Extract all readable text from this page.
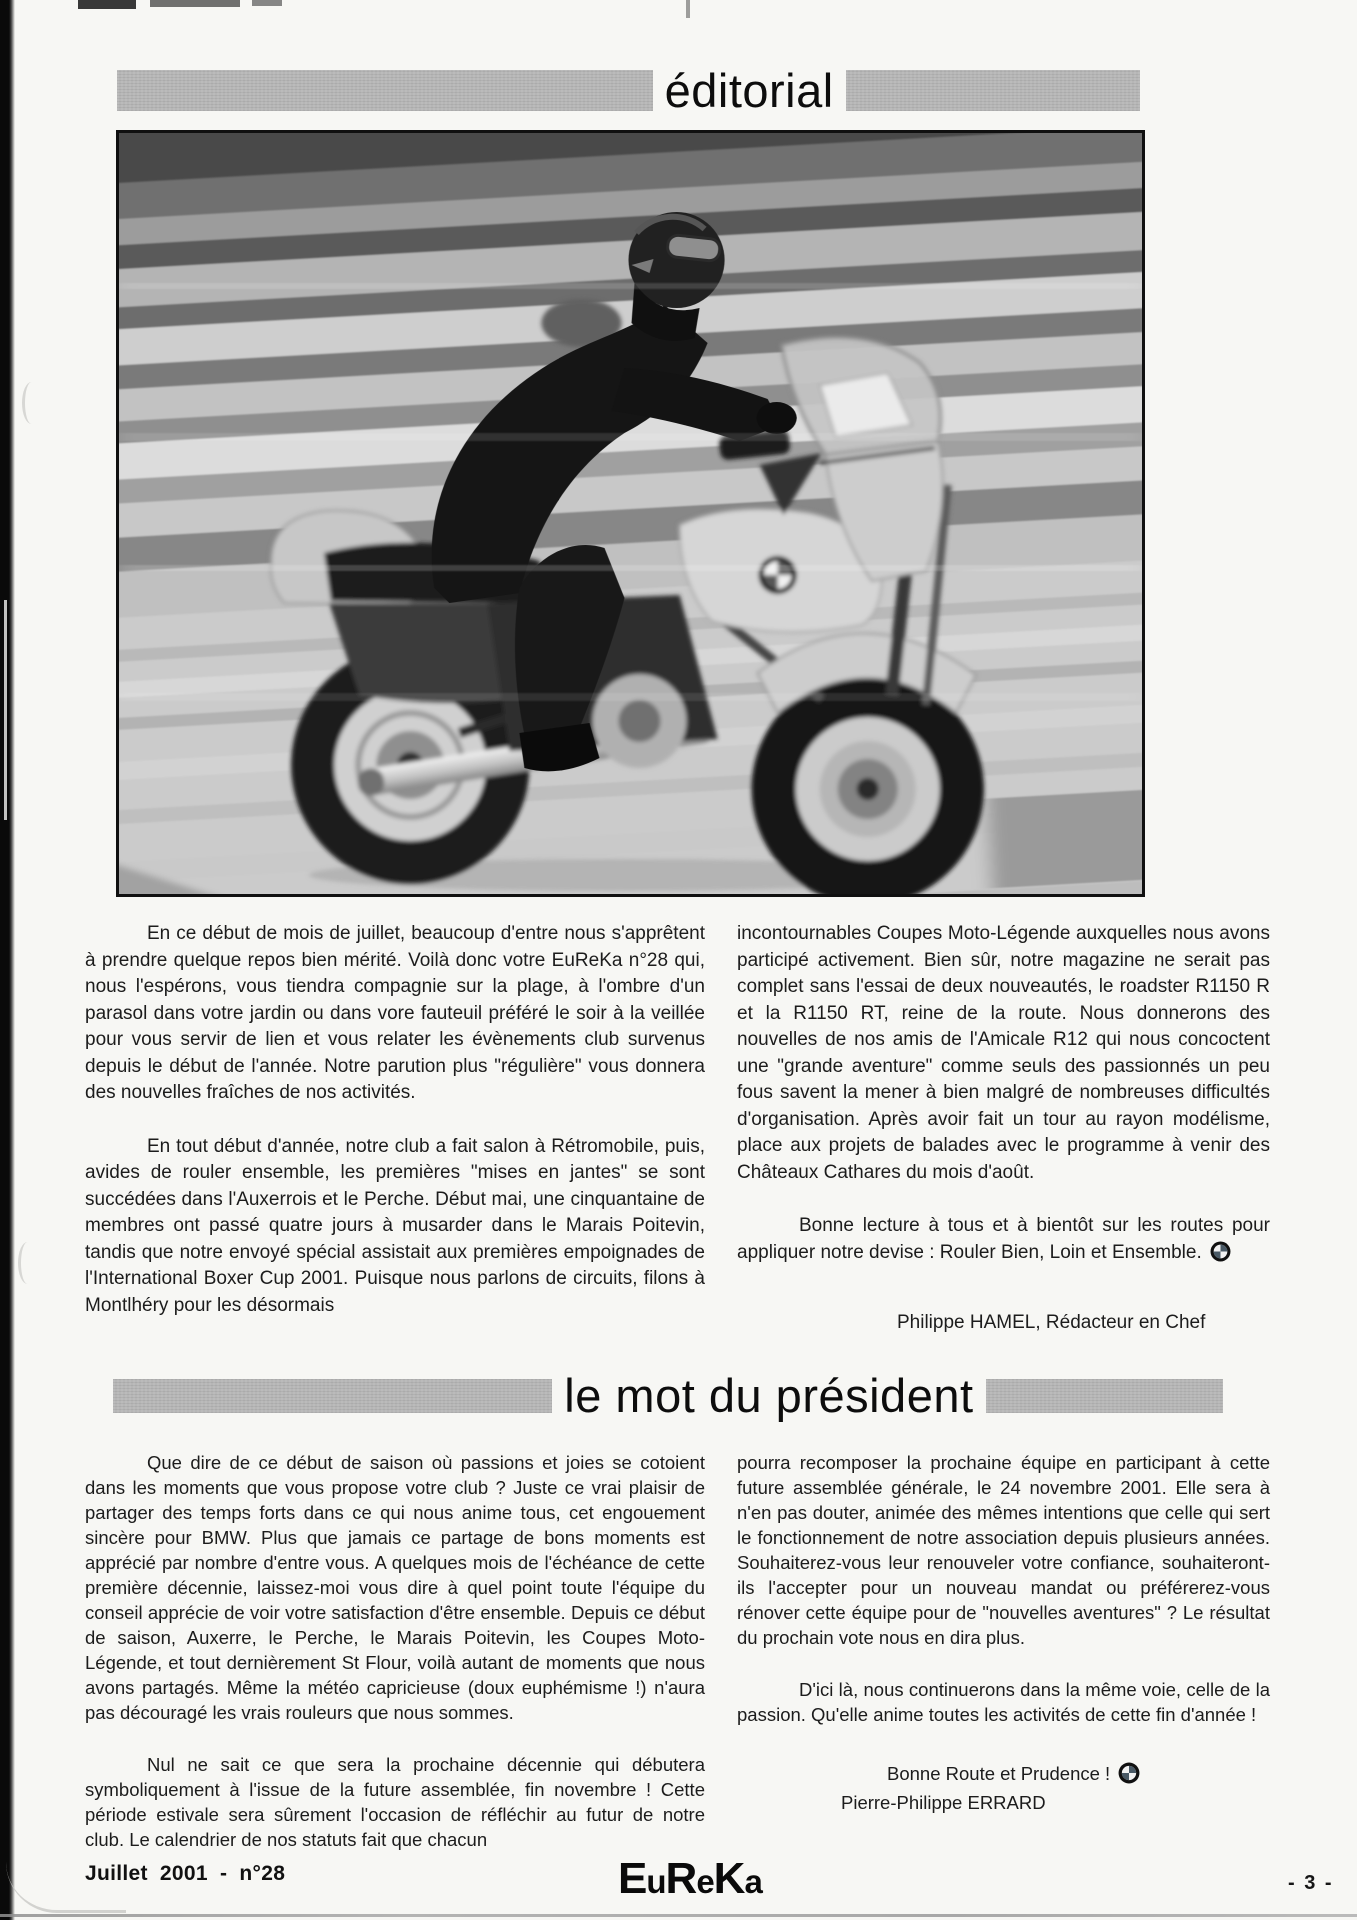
éditorial

En ce début de mois de juillet, beaucoup d'entre nous s'apprêtent à prendre quelque repos bien mérité. Voilà donc votre EuReKa n°28 qui, nous l'espérons, vous tiendra compagnie sur la plage, à l'ombre d'un parasol dans votre jardin ou dans vore fauteuil préféré le soir à la veillée pour vous servir de lien et vous relater les évènements club survenus depuis le début de l'année. Notre parution plus "régulière" vous donnera des nouvelles fraîches de nos activités.

En tout début d'année, notre club a fait salon à Rétromobile, puis, avides de rouler ensemble, les premières "mises en jantes" se sont succédées dans l'Auxerrois et le Perche. Début mai, une cinquantaine de membres ont passé quatre jours à musarder dans le Marais Poitevin, tandis que notre envoyé spécial assistait aux premières empoignades de l'International Boxer Cup 2001. Puisque nous parlons de circuits, filons à Montlhéry pour les désormais

incontournables Coupes Moto-Légende auxquelles nous avons participé activement. Bien sûr, notre magazine ne serait pas complet sans l'essai de deux nouveautés, le roadster R1150 R et la R1150 RT, reine de la route. Nous donnerons des nouvelles de nos amis de l'Amicale R12 qui nous concoctent une "grande aventure" comme seuls des passionnés un peu fous savent la mener à bien malgré de nombreuses difficultés d'organisation. Après avoir fait un tour au rayon modélisme, place aux projets de balades avec le programme à venir des Châteaux Cathares du mois d'août.

Bonne lecture à tous et à bientôt sur les routes pour appliquer notre devise : Rouler Bien, Loin et Ensemble.

Philippe HAMEL, Rédacteur en Chef

le mot du président

Que dire de ce début de saison où passions et joies se cotoient dans les moments que vous propose votre club ? Juste ce vrai plaisir de partager des temps forts dans ce qui nous anime tous, cet engouement sincère pour BMW. Plus que jamais ce partage de bons moments est apprécié par nombre d'entre vous. A quelques mois de l'échéance de cette première décennie, laissez-moi vous dire à quel point toute l'équipe du conseil apprécie de voir votre satisfaction d'être ensemble. Depuis ce début de saison, Auxerre, le Perche, le Marais Poitevin, les Coupes Moto-Légende, et tout dernièrement St Flour, voilà autant de moments que nous avons partagés. Même la météo capricieuse (doux euphémisme !) n'aura pas découragé les vrais rouleurs que nous sommes.

Nul ne sait ce que sera la prochaine décennie qui débutera symboliquement à l'issue de la future assemblée, fin novembre ! Cette période estivale sera sûrement l'occasion de réfléchir au futur de notre club. Le calendrier de nos statuts fait que chacun

pourra recomposer la prochaine équipe en participant à cette future assemblée générale, le 24 novembre 2001. Elle sera à n'en pas douter, animée des mêmes intentions que celle qui sert le fonctionnement de notre association depuis plusieurs années. Souhaiterez-vous leur renouveler votre confiance, souhaiteront-ils l'accepter pour un nouveau mandat ou préférerez-vous rénover cette équipe pour de "nouvelles aventures" ? Le résultat du prochain vote nous en dira plus.

D'ici là, nous continuerons dans la même voie, celle de la passion. Qu'elle anime toutes les activités de cette fin d'année !

Bonne Route et Prudence !

Pierre-Philippe ERRARD

Juillet 2001 - n°28	EuReKa	- 3 -
